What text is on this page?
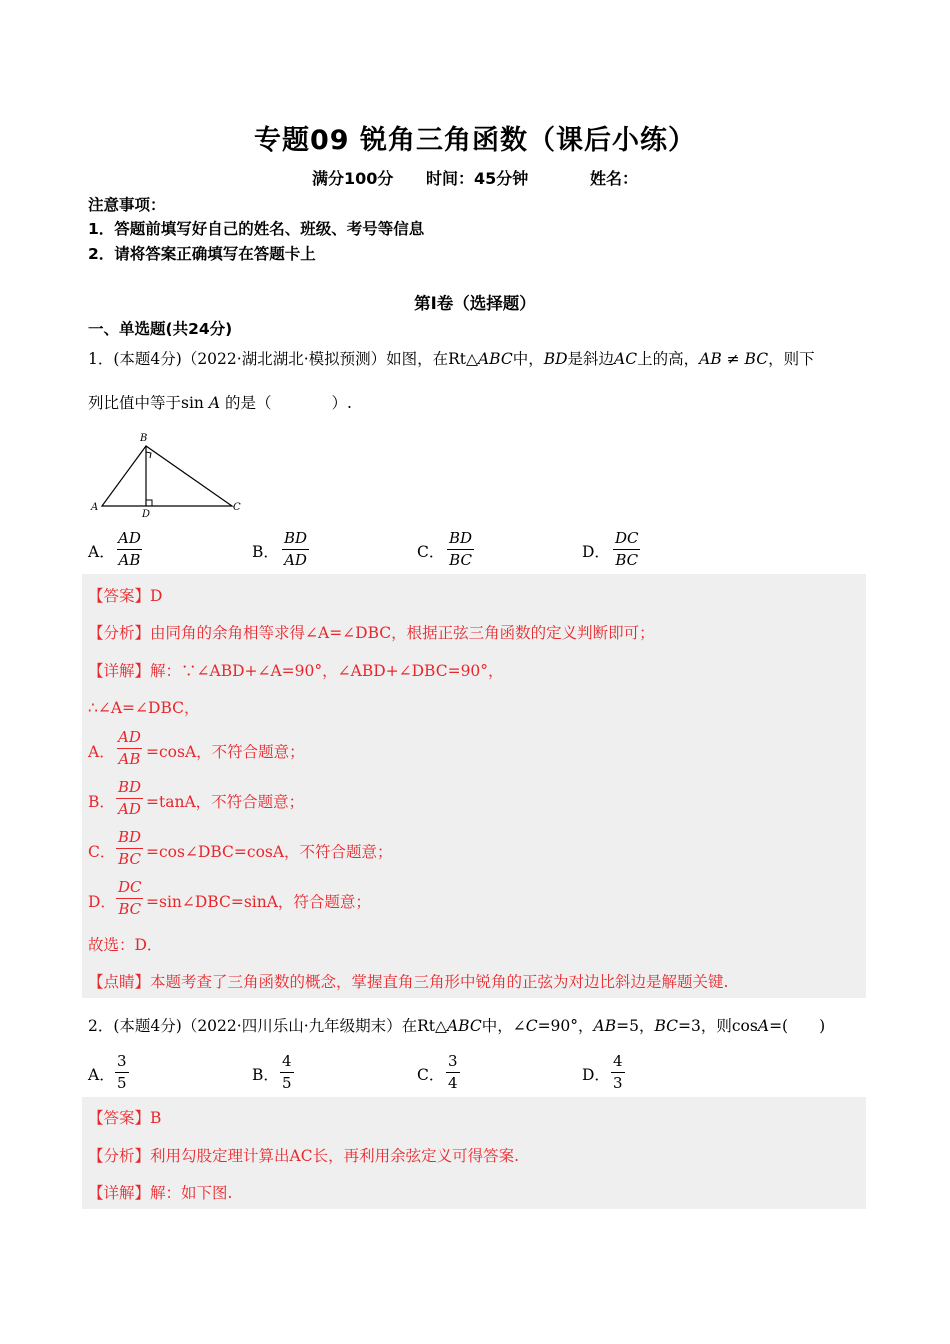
专题09 锐角三角函数（课后小练）
满分100分 时间：45分钟	姓名：
注意事项：
1．答题前填写好自己的姓名、班级、考号等信息
2．请将答案正确填写在答题卡上
第Ⅰ卷（选择题）
一、单选题(共24分)
1．(本题4分)（2022·湖北湖北·模拟预测）如图，在Rt△ABC中，BD是斜边AC上的高，AB ≠ BC，则下
列比值中等于sin A 的是（	）.
B
A
D
C
A． $\frac{AD}{AB}$	B． $\frac{BD}{AD}$	C． $\frac{BD}{BC}$	D． $\frac{DC}{BC}$
【答案】D
【分析】由同角的余角相等求得∠A=∠DBC，根据正弦三角函数的定义判断即可；
【详解】解：∵∠ABD+∠A=90°，∠ABD+∠DBC=90°，
∴∠A=∠DBC，
A． $\frac{AD}{AB} =\cos A$，不符合题意；
B． $\frac{BD}{AD} =\tan A$，不符合题意；
C． $\frac{BD}{BC}$ =cos∠DBC=cosA，不符合题意；
D． $\frac{DC}{BC}$ =sin∠DBC=sinA，符合题意；
故选：D．
【点睛】本题考查了三角函数的概念，掌握直角三角形中锐角的正弦为对边比斜边是解题关键.
2．(本题4分)（2022·四川乐山·九年级期末）在Rt△ABC中，∠C=90°，AB=5，BC=3，则cosA=(　　)
A． $\frac{3}{5}$	B． $\frac{4}{5}$	C． $\frac{3}{4}$	D． $\frac{4}{3}$
【答案】B
【分析】利用勾股定理计算出AC长，再利用余弦定义可得答案.
【详解】解：如下图.
